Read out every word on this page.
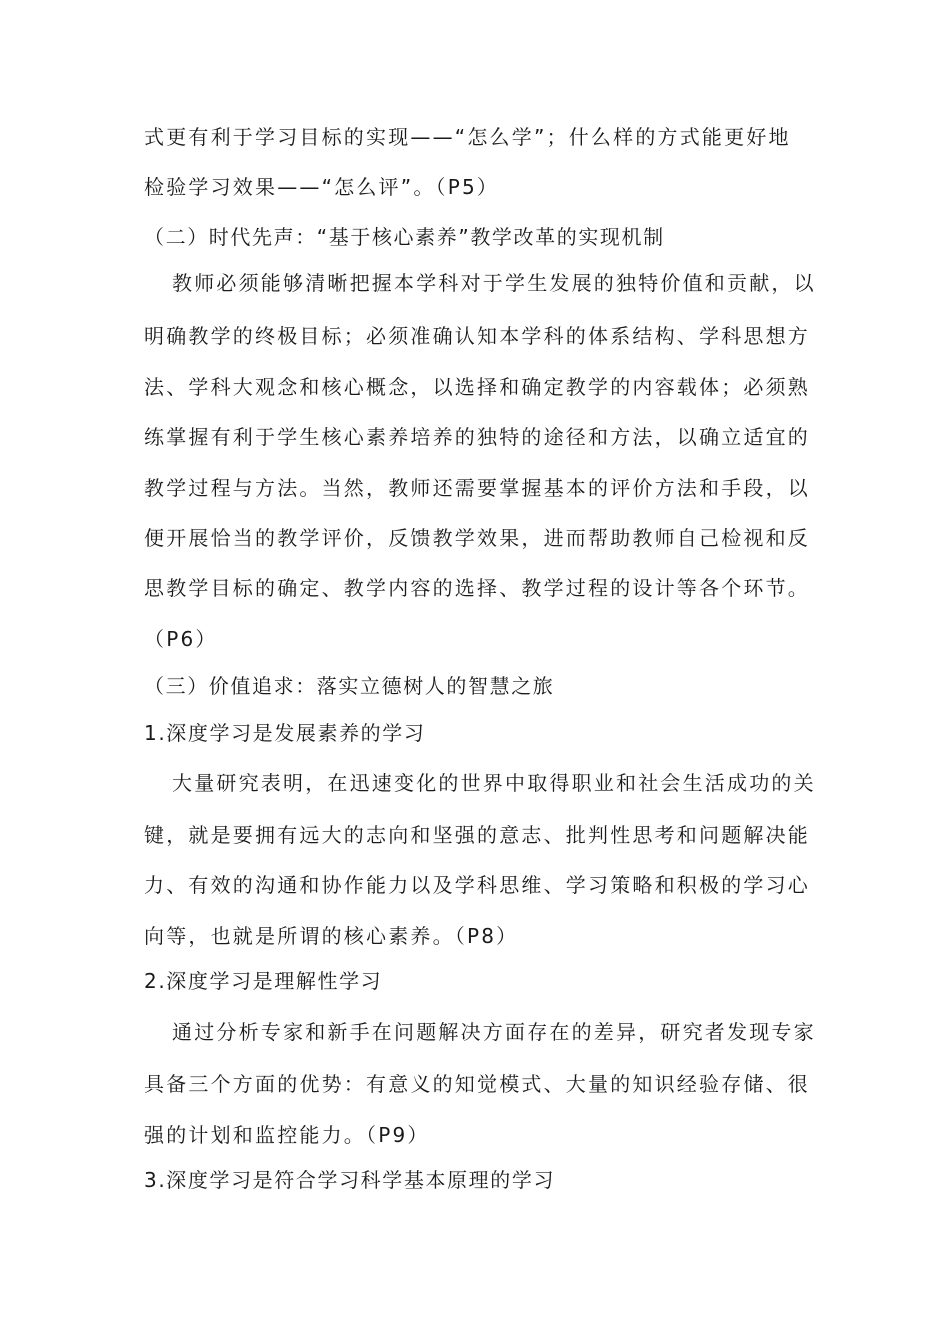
式更有利于学习目标的实现——“怎么学”；什么样的方式能更好地
检验学习效果——“怎么评”。（P5）
（二）时代先声：“基于核心素养”教学改革的实现机制
教师必须能够清晰把握本学科对于学生发展的独特价值和贡献，以
明确教学的终极目标；必须准确认知本学科的体系结构、学科思想方
法、学科大观念和核心概念，以选择和确定教学的内容载体；必须熟
练掌握有利于学生核心素养培养的独特的途径和方法，以确立适宜的
教学过程与方法。当然，教师还需要掌握基本的评价方法和手段，以
便开展恰当的教学评价，反馈教学效果，进而帮助教师自己检视和反
思教学目标的确定、教学内容的选择、教学过程的设计等各个环节。
（P6）
（三）价值追求：落实立德树人的智慧之旅
1.深度学习是发展素养的学习
大量研究表明，在迅速变化的世界中取得职业和社会生活成功的关
键，就是要拥有远大的志向和坚强的意志、批判性思考和问题解决能
力、有效的沟通和协作能力以及学科思维、学习策略和积极的学习心
向等，也就是所谓的核心素养。（P8）
2.深度学习是理解性学习
通过分析专家和新手在问题解决方面存在的差异，研究者发现专家
具备三个方面的优势：有意义的知觉模式、大量的知识经验存储、很
强的计划和监控能力。（P9）
3.深度学习是符合学习科学基本原理的学习
